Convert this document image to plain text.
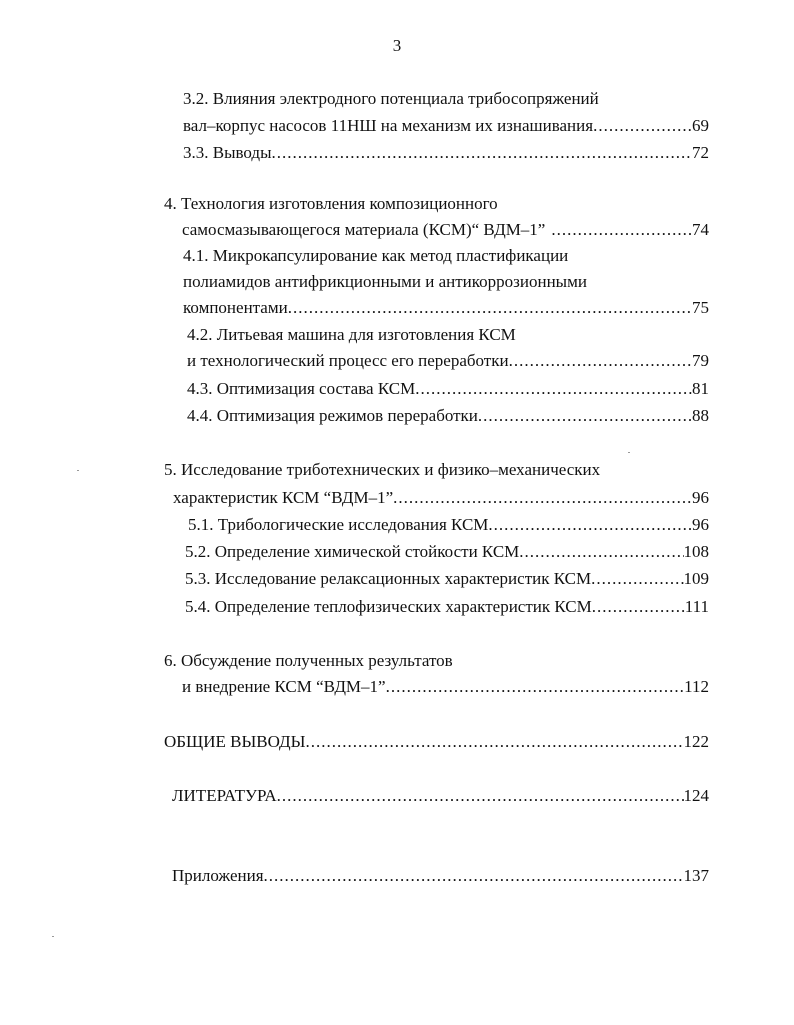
3
3.2. Влияния электродного потенциала трибосопряжений
вал–корпус насосов 11НШ на механизм их изнашивания .....	69
3.3. Выводы .....	72
4. Технология изготовления композиционного
самосмазывающегося материала (КСМ)“ ВДМ–1” .....	74
4.1. Микрокапсулирование как метод пластификации
полиамидов антифрикционными и антикоррозионными
компонентами .....	75
4.2. Литьевая машина для изготовления КСМ
и технологический процесс его переработки .....	79
4.3. Оптимизация состава КСМ .....	81
4.4. Оптимизация режимов переработки .....	88
5. Исследование триботехнических и физико–механических
характеристик КСМ “ВДМ–1” .....	96
5.1. Трибологические исследования КСМ .....	96
5.2. Определение химической стойкости КСМ .....	108
5.3. Исследование релаксационных характеристик КСМ .....	109
5.4. Определение теплофизических характеристик КСМ .....	111
6. Обсуждение полученных результатов
и внедрение КСМ “ВДМ–1” .....	112
ОБЩИЕ ВЫВОДЫ .....	122
ЛИТЕРАТУРА .....	124
Приложения .....	137
